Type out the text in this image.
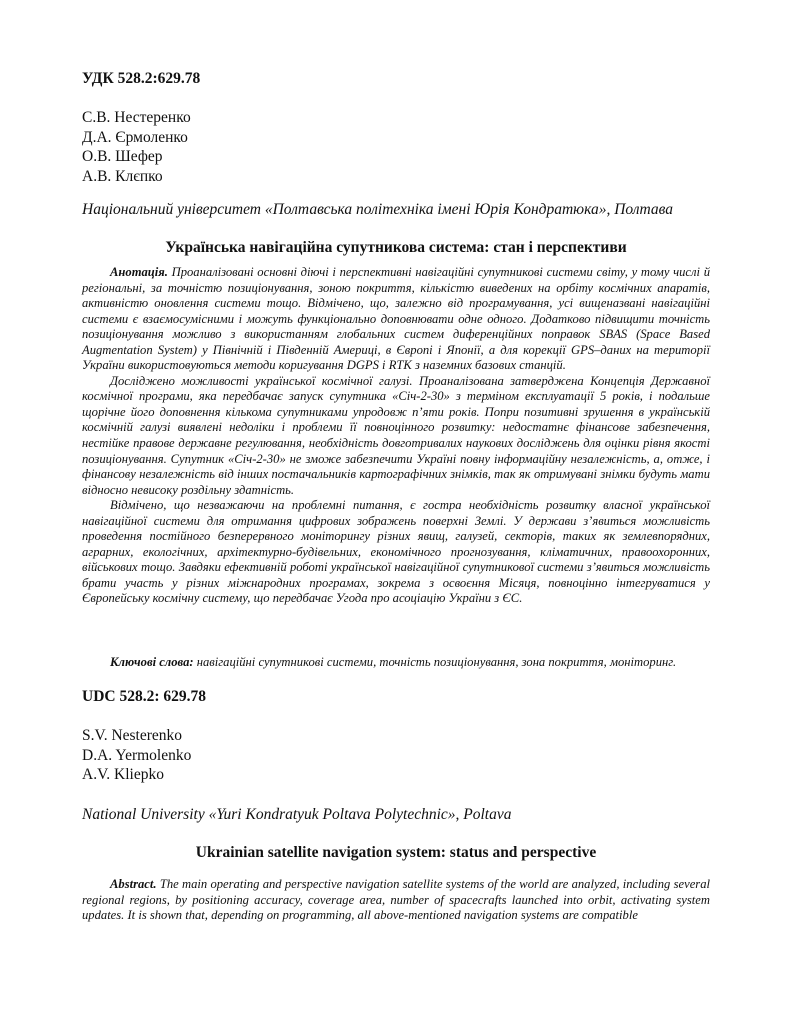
УДК 528.2:629.78
С.В. Нестеренко
Д.А. Єрмоленко
О.В. Шефер
А.В. Клєпко
Національний університет «Полтавська політехніка імені Юрія Кондратюка», Полтава
Українська навігаційна супутникова система: стан і перспективи

Анотація. Проаналізовані основні діючі і перспективні навігаційні супутникові системи світу, у тому числі й регіональні, за точністю позиціонування, зоною покриття, кількістю виведених на орбіту космічних апаратів, активністю оновлення системи тощо. Відмічено, що, залежно від програмування, усі вищеназвані навігаційні системи є взаємосумісними і можуть функціонально доповнювати одне одного. Додатково підвищити точність позиціонування можливо з використанням глобальних систем диференційних поправок SBAS (Space Based Augmentation System) у Північній і Південній Америці, в Європі і Японії, а для корекції GPS–даних на території України використовуються методи коригування DGPS і RTK з наземних базових станцій.

Досліджено можливості української космічної галузі. Проаналізована затверджена Концепція Державної космічної програми, яка передбачає запуск супутника «Січ-2-30» з терміном експлуатації 5 років, і подальше щорічне його доповнення кількома супутниками упродовж п’яти років. Попри позитивні зрушення в українській космічній галузі виявлені недоліки і проблеми її повноцінного розвитку: недостатнє фінансове забезпечення, нестійке правове державне регулювання, необхідність довготривалих наукових досліджень для оцінки рівня якості позиціонування. Супутник «Січ-2-30» не зможе забезпечити Україні повну інформаційну незалежність, а, отже, і фінансову незалежність від інших постачальників картографічних знімків, так як отримувані знімки будуть мати відносно невисоку роздільну здатність.

Відмічено, що незважаючи на проблемні питання, є гостра необхідність розвитку власної української навігаційної системи для отримання цифрових зображень поверхні Землі. У держави з’явиться можливість проведення постійного безперервного моніторингу різних явищ, галузей, секторів, таких як землевпорядних, аграрних, екологічних, архітектурно-будівельних, економічного прогнозування, кліматичних, правоохоронних, військових тощо. Завдяки ефективній роботі української навігаційної супутникової системи з’явиться можливість брати участь у різних міжнародних програмах, зокрема з освоєння Місяця, повноцінно інтегруватися у Європейську космічну систему, що передбачає Угода про асоціацію України з ЄС.

Ключові слова: навігаційні супутникові системи, точність позиціонування, зона покриття, моніторинг.
UDC 528.2: 629.78
S.V. Nesterenko
D.A. Yermolenko
A.V. Kliepko
National University «Yuri Kondratyuk Poltava Polytechnic», Poltava
Ukrainian satellite navigation system: status and perspective

Abstract. The main operating and perspective navigation satellite systems of the world are analyzed, including several regional regions, by positioning accuracy, coverage area, number of spacecrafts launched into orbit, activating system updates. It is shown that, depending on programming, all above-mentioned navigation systems are compatible
